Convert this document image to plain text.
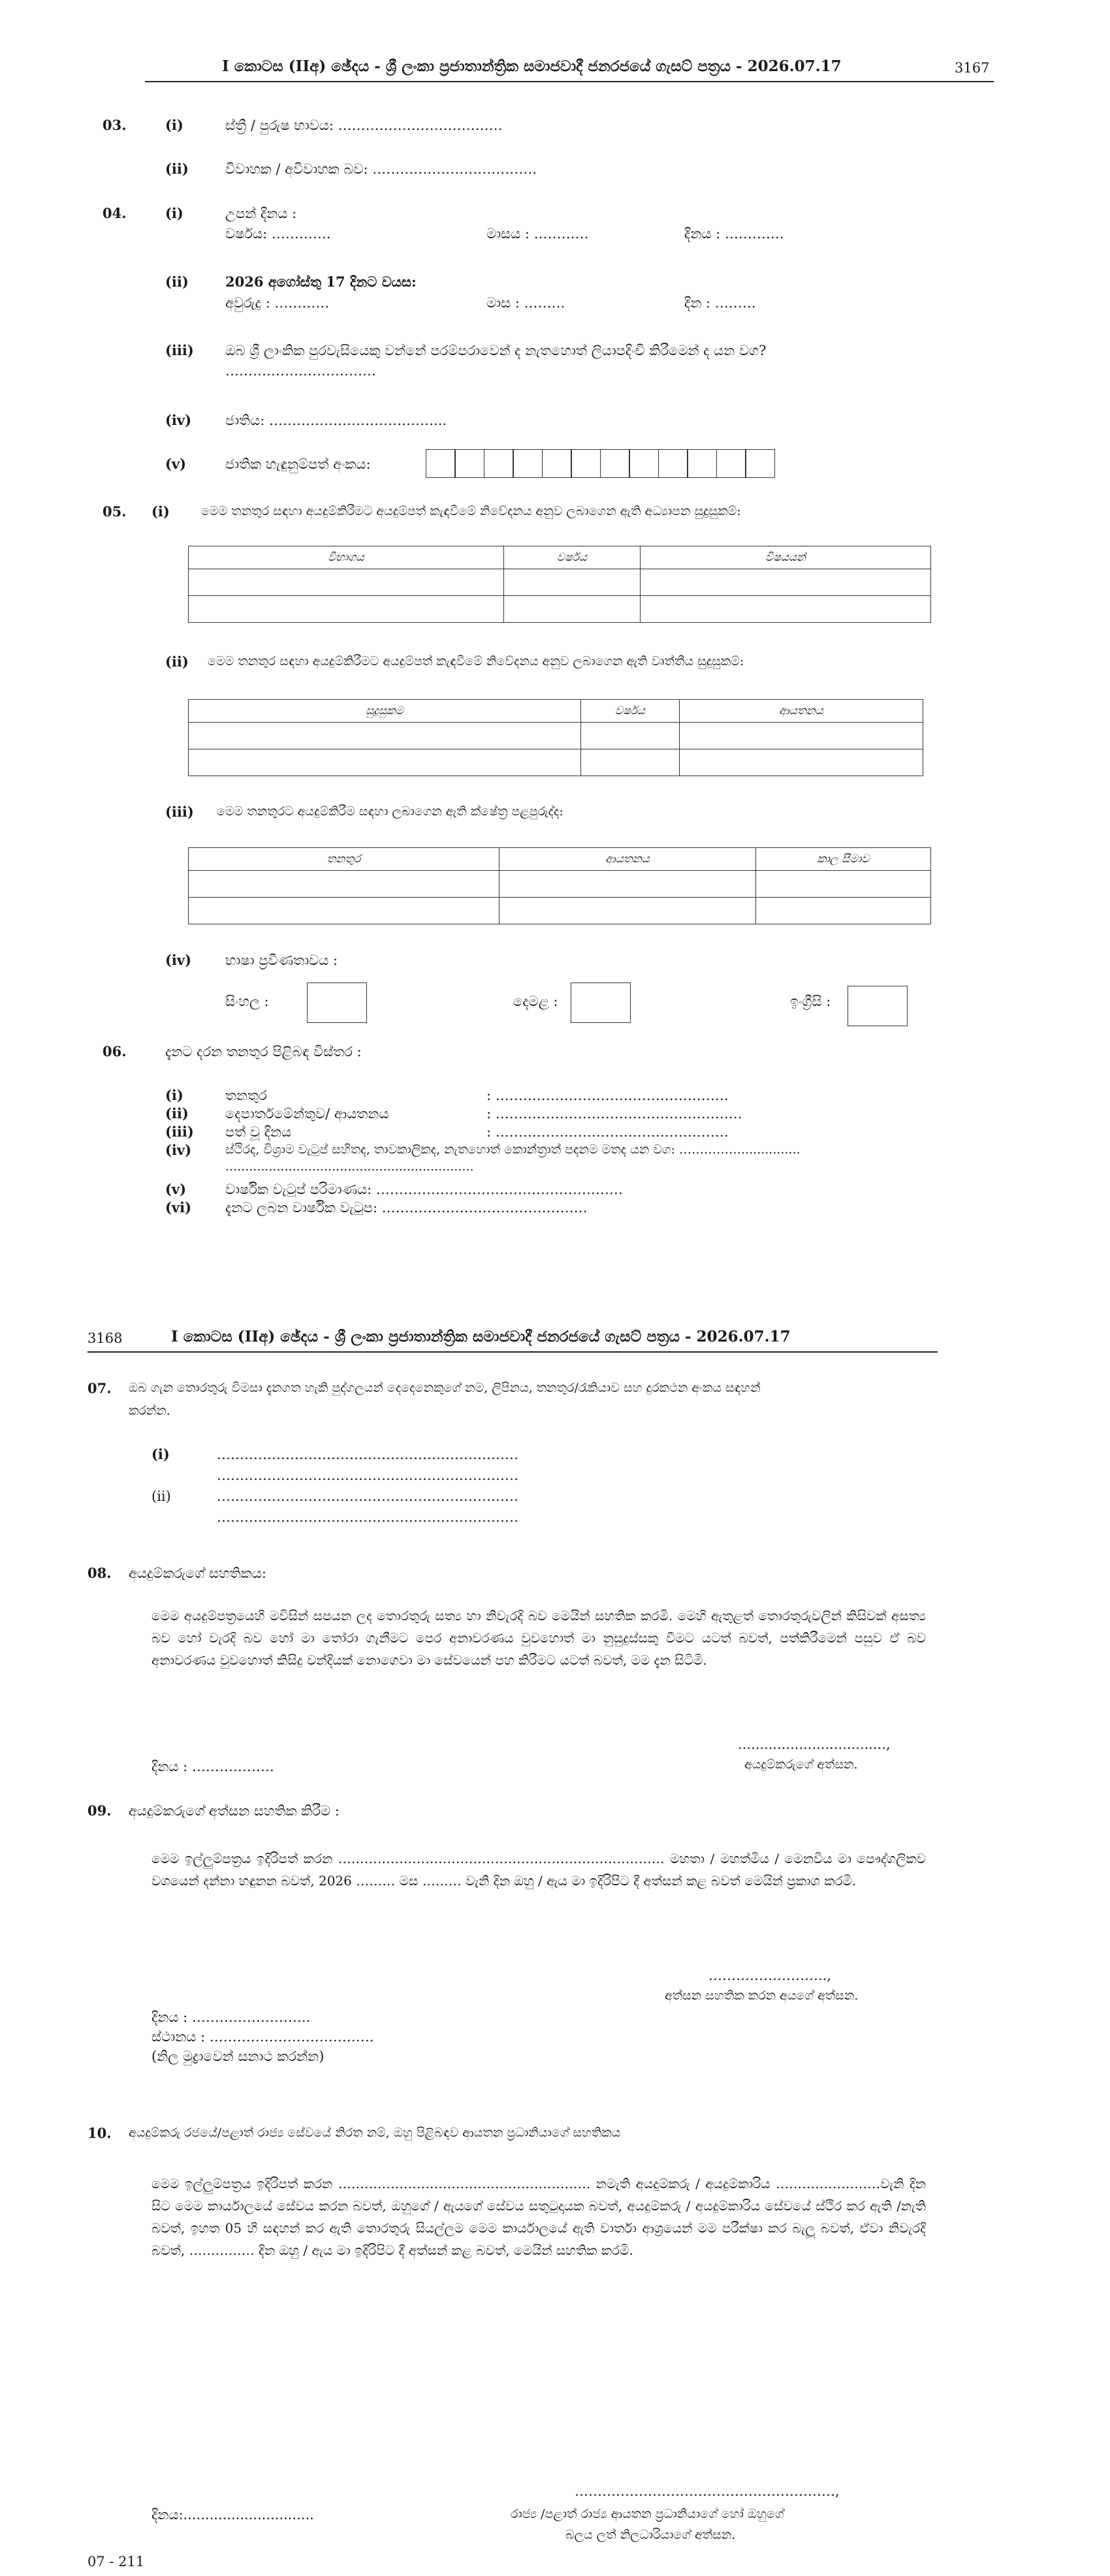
I කොටස (IIඅ) ඡේදය - ශ්‍රී ලංකා ප්‍රජාතාන්ත්‍රික සමාජවාදී ජනරජයේ ගැසට් පත්‍රය - 2026.07.17	3167
03.	(i)	ස්ත්‍රී / පුරුෂ භාවය: ………………………………
(ii)	විවාහක / අවිවාහක බව: ………………………………
04.	(i)	උපන් දිනය :
වර්ෂය: ………….	මාසය : …………	දිනය : ………….
(ii)	2026 අගෝස්තු 17 දිනට වයස:
අවුරුදු : …………	මාස : ………	දින : ………
(iii) ඔබ ශ්‍රී ලාංකික පුරවැසියෙකු වන්නේ පරම්පරාවෙන් ද නැතහොත් ලියාපදිංචි කිරීමෙන් ද යන වග?
……………………………
(iv) ජාතිය: ………………………………...
(v)	ජාතික හැඳුනුම්පත් අංකය:
05. (i)	මෙම තනතුර සඳහා අයදුම්කිරීමට අයදුම්පත් කැඳවීමේ නිවේදනය අනුව ලබාගෙන ඇති අධ්‍යාපන සුදුසුකම්:
විභාගය	වර්ෂය	විෂයයන්

(ii) මෙම තනතුර සඳහා අයදුම්කිරීමට අයදුම්පත් කැඳවීමේ නිවේදනය අනුව ලබාගෙන ඇති වෘත්තීය සුදුසුකම්:
සුදුසුකම	වර්ෂය	ආයතනය

(iii) මෙම තනතුරට අයදුම්කිරීම සඳහා ලබාගෙන ඇති ක්ෂේත්‍ර පළපුරුද්ද:
තනතුර	ආයතනය	කාල සීමාව

(iv) භාෂා ප්‍රවීණතාවය :
සිංහල :	දෙමළ :	ඉංග්‍රීසි :
06.	දැනට දරන තනතුර පිළිබඳ විස්තර :
(i)	තනතුර	: ……………………………………………
(ii)	දෙපාර්තමේන්තුව/ ආයතනය	: ………………………………………………
(iii) පත් වූ දිනය	: ……………………………………………
(iv)	ස්ථිරද, විශ්‍රාම වැටුප් සහිතද, තාවකාලිකද, නැතහොත් කොන්ත්‍රාත් පදනම මතද යන වග: ……………...............
...............................................................
(v)	වාර්ෂික වැටුප් පරිමාණය: ………………………………………………
(vi) දැනට ලබන වාර්ෂික වැටුප: ………………………………………
3168	I කොටස (IIඅ) ඡේදය - ශ්‍රී ලංකා ප්‍රජාතාන්ත්‍රික සමාජවාදී ජනරජයේ ගැසට් පත්‍රය - 2026.07.17
07. ඔබ ගැන තොරතුරු විමසා දැනගත හැකි පුද්ගලයන් දෙදෙනෙකුගේ නම, ලිපිනය, තනතුර/රැකියාව සහ දුරකථන අංකය සඳහන්
කරන්න.
(i)	…………………………………………………………
…………………………………………………………
(ii)	…………………………………………………………
…………………………………………………………
08. අයදුම්කරුගේ සහතිකය:
මෙම අයදුම්පත්‍රයෙහි මවිසින් සපයන ලද තොරතුරු සත්‍ය හා නිවැරදි බව මෙයින් සහතික කරමි. මෙහි ඇතුළත් තොරතුරුවලින් කිසිවක් අසත්‍ය බව හෝ වැරදි බව හෝ මා තෝරා ගැනීමට පෙර අනාවරණය වුවහොත් මා නුසුදුස්සකු වීමට යටත් බවත්, පත්කිරීමෙන් පසුව ඒ බව අනාවරණය වුවහොත් කිසිදු වන්දියක් නොගෙවා මා සේවයෙන් පහ කිරීමට යටත් බවත්, මම දැන සිටිමි.
..................................,
අයදුම්කරුගේ අත්සන.
දිනය : ………………
09. අයදුම්කරුගේ අත්සන සහතික කිරීම :
මෙම ඉල්ලුම්පත්‍රය ඉදිරිපත් කරන ………………………………………………………………… මහතා / මහත්මිය / මෙනවිය මා පෞද්ගලිකව වශයෙන් දන්නා හඳුනන බවත්, 2026 ……… මස ……… වැනි දින ඔහු / ඇය මා ඉදිරිපිට දී අත්සන් කළ බවත් මෙයින් ප්‍රකාශ කරමි.
……………………..,
අත්සන සහතික කරන අයගේ අත්සන.
දිනය : ……………………..
ස්ථානය : ………………………………
(නිල මුද්‍රාවෙන් සනාථ කරන්න)
10. අයදුම්කරු රජයේ/පළාත් රාජ්‍ය සේවයේ නිරත නම්, ඔහු පිළිබඳව ආයතන ප්‍රධානියාගේ සහතිකය
මෙම ඉල්ලුම්පත්‍රය ඉදිරිපත් කරන …………………………………………………. නමැති අයදුම්කරු / අයදුම්කාරිය ……………………වැනි දින සිට මෙම කාර්යාලයේ සේවය කරන බවත්, ඔහුගේ / ඇයගේ සේවය සතුටුදායක බවත්, අයදුම්කරු / අයදුම්කාරිය සේවයේ ස්ථිර කර ඇති /නැති බවත්, ඉහත 05 හි සඳහන් කර ඇති තොරතුරු සියල්ලම මෙම කාර්යාලයේ ඇති වාර්තා ආශ්‍රයෙන් මම පරීක්ෂා කර බැලූ බවත්, ඒවා නිවැරදි බවත්, …………… දින ඔහු / ඇය මා ඉදිරිපිට දී අත්සන් කළ බවත්, මෙයින් සහතික කරමි.
…………………………………………………,
දිනය:..............................	රාජ්‍ය /පළාත් රාජ්‍ය ආයතන ප්‍රධානියාගේ හෝ ඔහුගේ
බලය ලත් නිලධාරියාගේ අත්සන.
07 - 211
